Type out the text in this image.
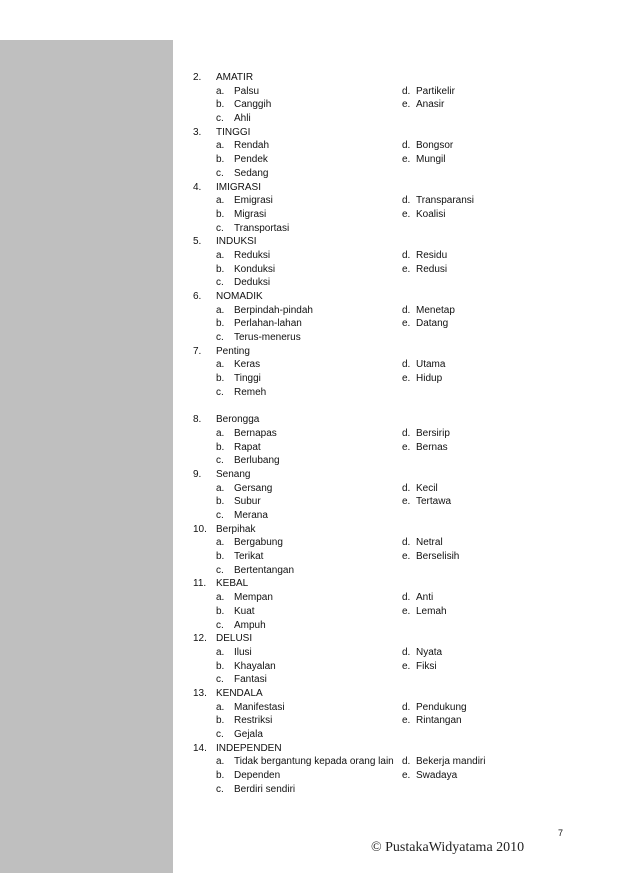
2.	AMATIR
a. Palsu	d. Partikelir
b. Canggih	e. Anasir
c.	Ahli
3.	TINGGI
a. Rendah	d. Bongsor
b. Pendek	e. Mungil
c.	Sedang
4.	IMIGRASI
a. Emigrasi	d. Transparansi
b. Migrasi	e. Koalisi
c.	Transportasi
5.	INDUKSI
a. Reduksi	d. Residu
b. Konduksi	e. Redusi
c.	Deduksi
6.	NOMADIK
a. Berpindah-pindah	d. Menetap
b. Perlahan-lahan	e. Datang
c.	Terus-menerus
7.	Penting
a. Keras	d. Utama
b. Tinggi	e. Hidup
c.	Remeh
8.	Berongga
a. Bernapas	d. Bersirip
b. Rapat	e. Bernas
c.	Berlubang
9.	Senang
a. Gersang	d. Kecil
b. Subur	e. Tertawa
c.	Merana
10. Berpihak
a. Bergabung	d. Netral
b. Terikat	e. Berselisih
c.	Bertentangan
11. KEBAL
a. Mempan	d. Anti
b. Kuat	e. Lemah
c.	Ampuh
12. DELUSI
a. Ilusi	d. Nyata
b. Khayalan	e. Fiksi
c.	Fantasi
13. KENDALA
a. Manifestasi	d. Pendukung
b. Restriksi	e. Rintangan
c.	Gejala
14. INDEPENDEN
a. Tidak bergantung kepada orang lain d. Bekerja mandiri
b. Dependen	e. Swadaya
c.	Berdiri sendiri
7
© PustakaWidyatama 2010
